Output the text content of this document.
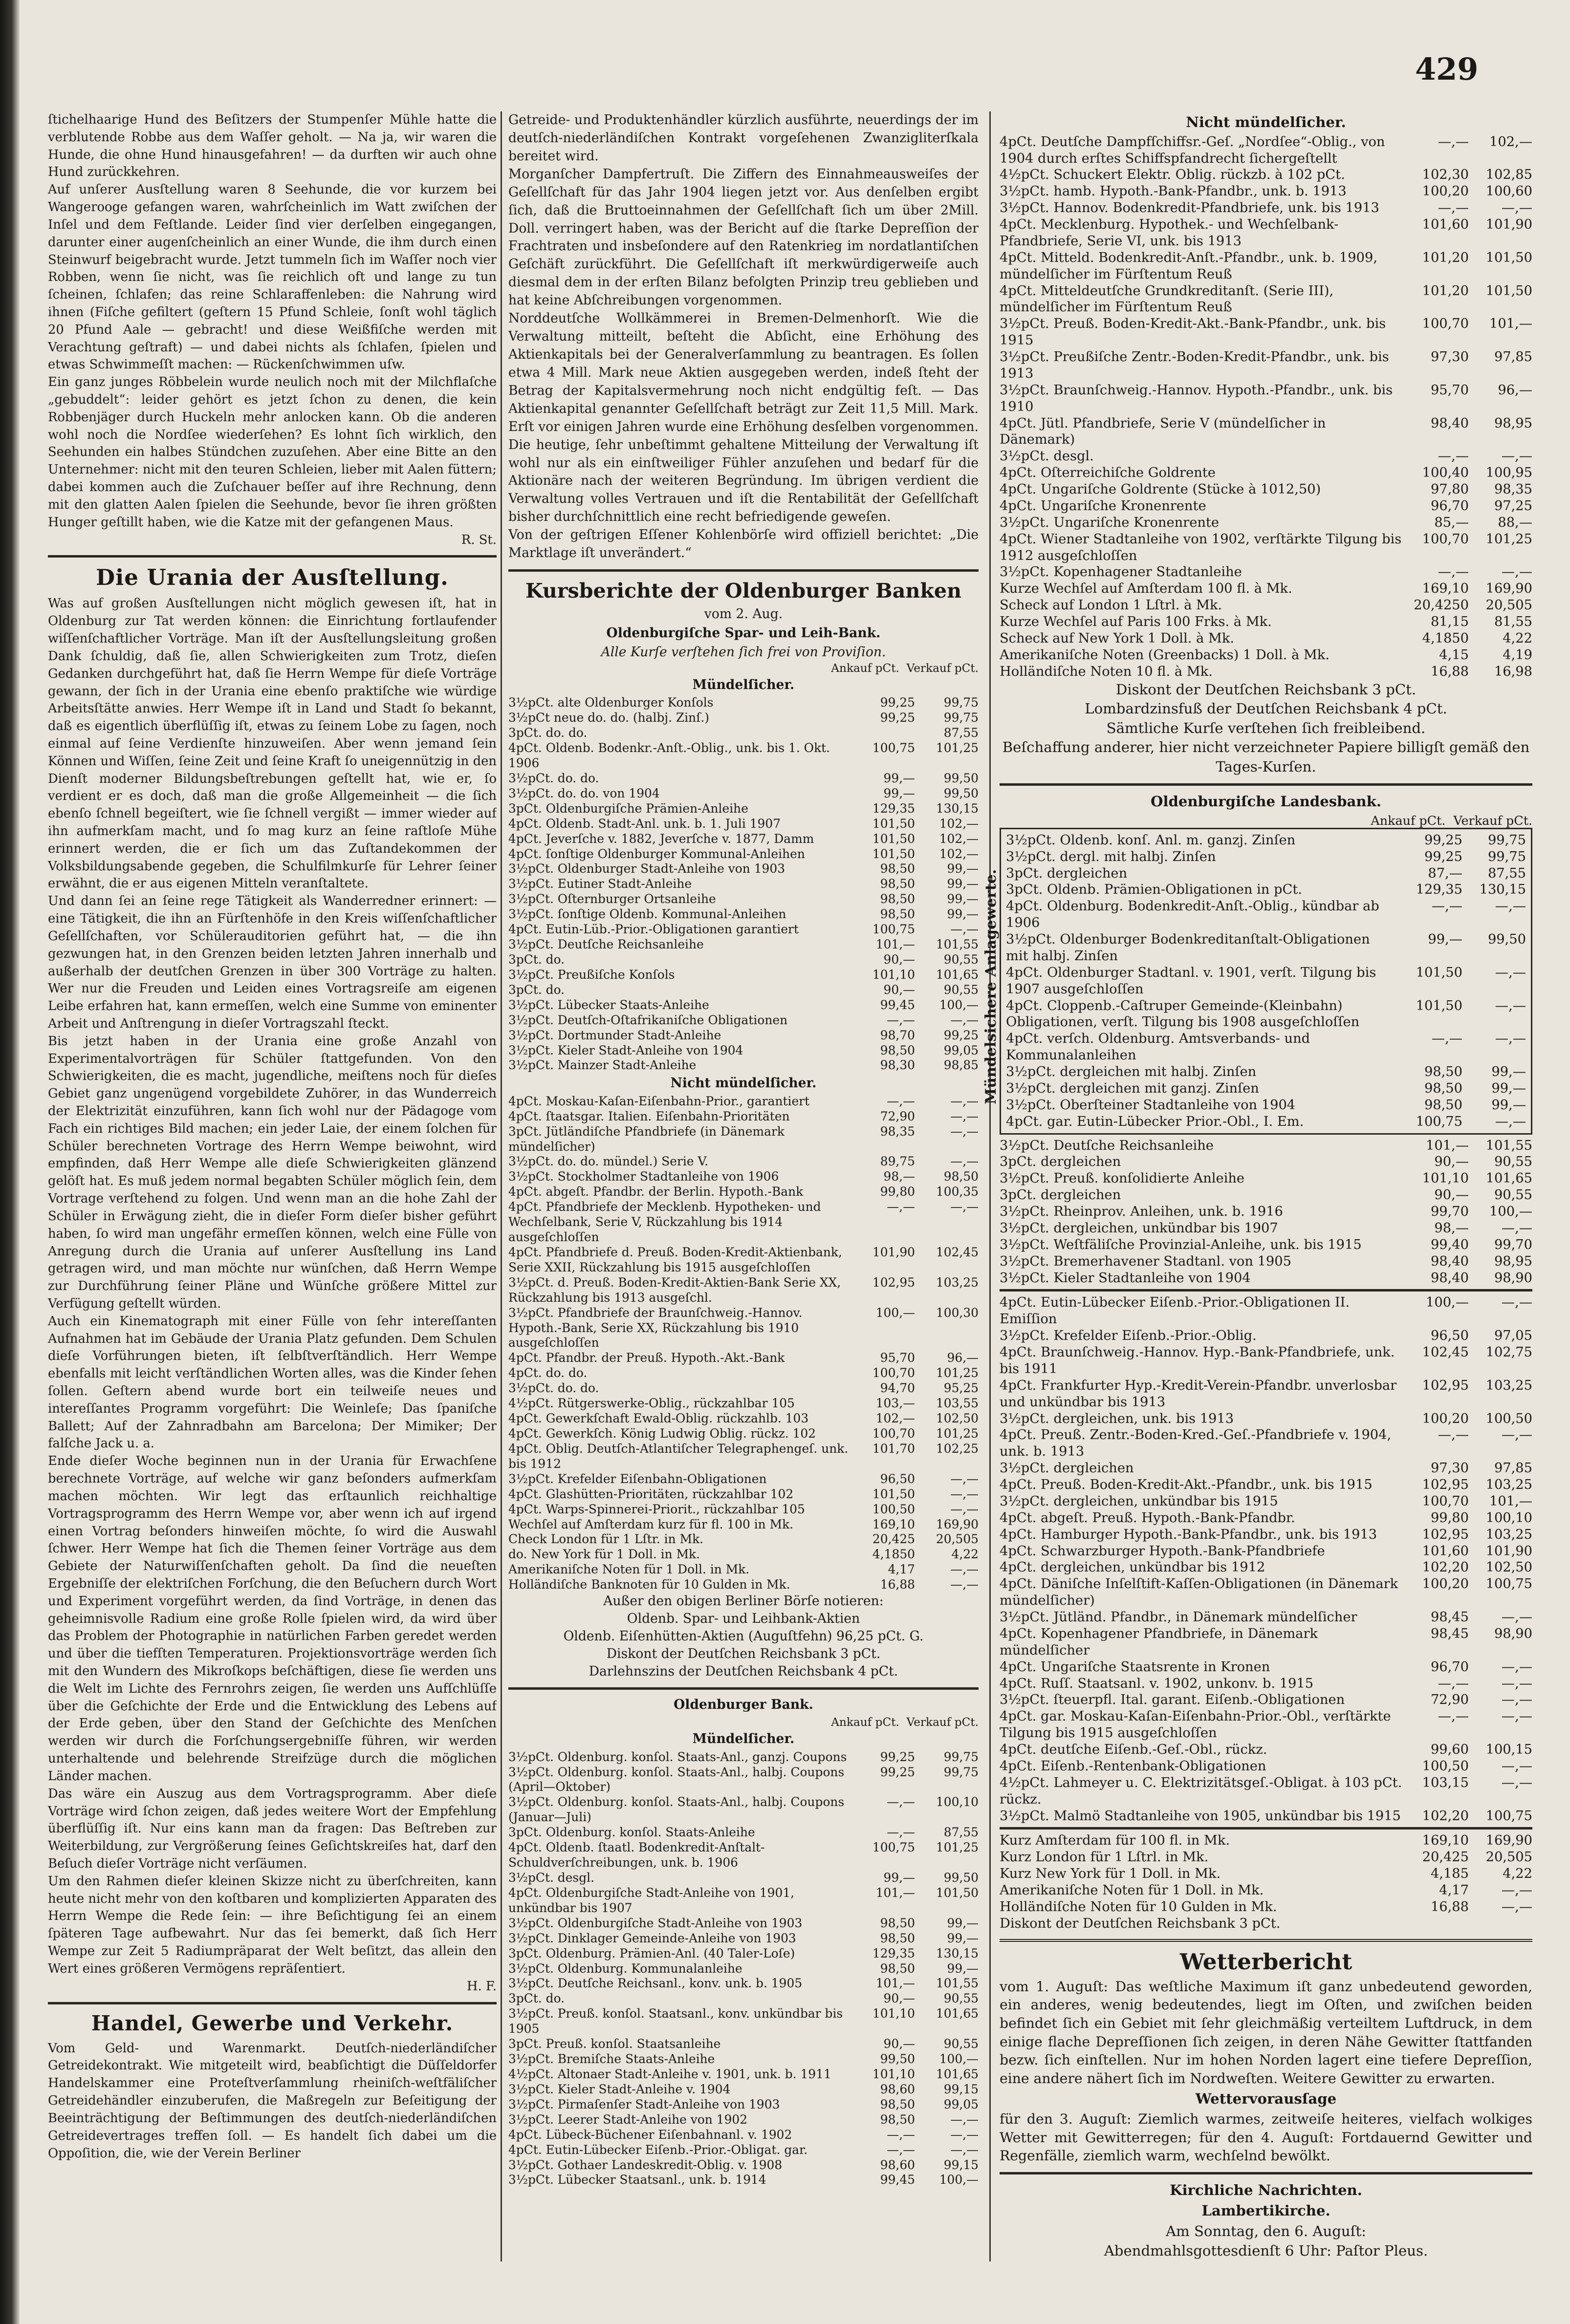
429

ſtichelhaarige Hund des Beſitzers der Stumpenſer Mühle hatte die verblutende Robbe aus dem Waſſer geholt. — Na ja, wir waren die Hunde, die ohne Hund hinausgefahren! — da durften wir auch ohne Hund zurückkehren.

Auf unſerer Ausſtellung waren 8 Seehunde, die vor kurzem bei Wangerooge gefangen waren, wahrſcheinlich im Watt zwiſchen der Inſel und dem Feſtlande. Leider ſind vier derſelben eingegangen, darunter einer augenſcheinlich an einer Wunde, die ihm durch einen Steinwurf beigebracht wurde. Jetzt tummeln ſich im Waſſer noch vier Robben, wenn ſie nicht, was ſie reichlich oft und lange zu tun ſcheinen, ſchlafen; das reine Schlaraffenleben: die Nahrung wird ihnen (Fiſche gefiltert (geſtern 15 Pfund Schleie, ſonſt wohl täglich 20 Pfund Aale — gebracht! und diese Weißfiſche werden mit Verachtung geſtraft) — und dabei nichts als ſchlafen, ſpielen und etwas Schwimmeſſt machen: — Rückenſchwimmen uſw.

Ein ganz junges Röbbelein wurde neulich noch mit der Milchflaſche „gebuddelt“: leider gehört es jetzt ſchon zu denen, die kein Robbenjäger durch Huckeln mehr anlocken kann. Ob die anderen wohl noch die Nordſee wiederſehen? Es lohnt ſich wirklich, den Seehunden ein halbes Stündchen zuzuſehen. Aber eine Bitte an den Unternehmer: nicht mit den teuren Schleien, lieber mit Aalen füttern; dabei kommen auch die Zuſchauer beſſer auf ihre Rechnung, denn mit den glatten Aalen ſpielen die Seehunde, bevor ſie ihren größten Hunger geſtillt haben, wie die Katze mit der gefangenen Maus.

R. St.
Die Urania der Ausſtellung.

Was auf großen Ausſtellungen nicht möglich gewesen iſt, hat in Oldenburg zur Tat werden können: die Einrichtung fortlaufender wiſſenſchaftlicher Vorträge. Man iſt der Ausſtellungsleitung großen Dank ſchuldig, daß ſie, allen Schwierigkeiten zum Trotz, dieſen Gedanken durchgeführt hat, daß ſie Herrn Wempe für dieſe Vorträge gewann, der ſich in der Urania eine ebenſo praktiſche wie würdige Arbeitsſtätte anwies. Herr Wempe iſt in Land und Stadt ſo bekannt, daß es eigentlich überflüſſig iſt, etwas zu ſeinem Lobe zu ſagen, noch einmal auf ſeine Verdienſte hinzuweiſen. Aber wenn jemand ſein Können und Wiſſen, ſeine Zeit und ſeine Kraft ſo uneigennützig in den Dienſt moderner Bildungsbeſtrebungen geſtellt hat, wie er, ſo verdient er es doch, daß man die große Allgemeinheit — die ſich ebenſo ſchnell begeiſtert, wie ſie ſchnell vergißt — immer wieder auf ihn aufmerkſam macht, und ſo mag kurz an ſeine raſtloſe Mühe erinnert werden, die er ſich um das Zuſtandekommen der Volksbildungsabende gegeben, die Schulfilmkurſe für Lehrer ſeiner erwähnt, die er aus eigenen Mitteln veranſtaltete.

Und dann ſei an ſeine rege Tätigkeit als Wanderredner erinnert: — eine Tätigkeit, die ihn an Fürſtenhöfe in den Kreis wiſſenſchaftlicher Geſellſchaften, vor Schülerauditorien geführt hat, — die ihn gezwungen hat, in den Grenzen beiden letzten Jahren innerhalb und außerhalb der deutſchen Grenzen in über 300 Vorträge zu halten. Wer nur die Freuden und Leiden eines Vortragsreiſe am eigenen Leibe erfahren hat, kann ermeſſen, welch eine Summe von eminenter Arbeit und Anſtrengung in dieſer Vortragszahl ſteckt.

Bis jetzt haben in der Urania eine große Anzahl von Experimentalvorträgen für Schüler ſtattgefunden. Von den Schwierigkeiten, die es macht, jugendliche, meiſtens noch für dieſes Gebiet ganz ungenügend vorgebildete Zuhörer, in das Wunderreich der Elektrizität einzuführen, kann ſich wohl nur der Pädagoge vom Fach ein richtiges Bild machen; ein jeder Laie, der einem ſolchen für Schüler berechneten Vortrage des Herrn Wempe beiwohnt, wird empfinden, daß Herr Wempe alle dieſe Schwierigkeiten glänzend gelöſt hat. Es muß jedem normal begabten Schüler möglich ſein, dem Vortrage verſtehend zu folgen. Und wenn man an die hohe Zahl der Schüler in Erwägung zieht, die in dieſer Form dieſer bisher geführt haben, ſo wird man ungefähr ermeſſen können, welch eine Fülle von Anregung durch die Urania auf unſerer Ausſtellung ins Land getragen wird, und man möchte nur wünſchen, daß Herrn Wempe zur Durchführung ſeiner Pläne und Wünſche größere Mittel zur Verfügung geſtellt würden.

Auch ein Kinematograph mit einer Fülle von ſehr intereſſanten Aufnahmen hat im Gebäude der Urania Platz gefunden. Dem Schulen dieſe Vorführungen bieten, iſt ſelbſtverſtändlich. Herr Wempe ebenfalls mit leicht verſtändlichen Worten alles, was die Kinder ſehen ſollen. Geſtern abend wurde bort ein teilweiſe neues und intereſſantes Programm vorgeführt: Die Weinleſe; Das ſpaniſche Ballett; Auf der Zahnradbahn am Barcelona; Der Mimiker; Der falſche Jack u. a.

Ende dieſer Woche beginnen nun in der Urania für Erwachſene berechnete Vorträge, auf welche wir ganz beſonders aufmerkſam machen möchten. Wir legt das erſtaunlich reichhaltige Vortragsprogramm des Herrn Wempe vor, aber wenn ich auf irgend einen Vortrag beſonders hinweiſen möchte, ſo wird die Auswahl ſchwer. Herr Wempe hat ſich die Themen ſeiner Vorträge aus dem Gebiete der Naturwiſſenſchaften geholt. Da ſind die neueſten Ergebniſſe der elektriſchen Forſchung, die den Beſuchern durch Wort und Experiment vorgeführt werden, da ſind Vorträge, in denen das geheimnisvolle Radium eine große Rolle ſpielen wird, da wird über das Problem der Photographie in natürlichen Farben geredet werden und über die tiefſten Temperaturen. Projektionsvorträge werden ſich mit den Wundern des Mikroſkops beſchäftigen, diese ſie werden uns die Welt im Lichte des Fernrohrs zeigen, ſie werden uns Aufſchlüſſe über die Geſchichte der Erde und die Entwicklung des Lebens auf der Erde geben, über den Stand der Geſchichte des Menſchen werden wir durch die Forſchungsergebniſſe führen, wir werden unterhaltende und belehrende Streifzüge durch die möglichen Länder machen.

Das wäre ein Auszug aus dem Vortragsprogramm. Aber dieſe Vorträge wird ſchon zeigen, daß jedes weitere Wort der Empfehlung überflüſſig iſt. Nur eins kann man da fragen: Das Beſtreben zur Weiterbildung, zur Vergrößerung ſeines Geſichtskreiſes hat, darf den Beſuch dieſer Vorträge nicht verſäumen.

Um den Rahmen dieſer kleinen Skizze nicht zu überſchreiten, kann heute nicht mehr von den koſtbaren und komplizierten Apparaten des Herrn Wempe die Rede ſein: — ihre Beſichtigung ſei an einem ſpäteren Tage aufbewahrt. Nur das ſei bemerkt, daß ſich Herr Wempe zur Zeit 5 Radiumpräparat der Welt beſitzt, das allein den Wert eines größeren Vermögens repräſentiert.

H. F.
Handel, Gewerbe und Verkehr.

Vom Geld- und Warenmarkt. Deutſch-niederländiſcher Getreidekontrakt. Wie mitgeteilt wird, beabſichtigt die Düſſeldorfer Handelskammer eine Proteſtverſammlung rheiniſch-weſtfäliſcher Getreidehändler einzuberufen, die Maßregeln zur Beſeitigung der Beeinträchtigung der Beſtimmungen des deutſch-niederländiſchen Getreidevertrages treffen ſoll. — Es handelt ſich dabei um die Oppoſition, die, wie der Verein Berliner

Getreide- und Produktenhändler kürzlich ausführte, neuerdings der im deutſch-niederländiſchen Kontrakt vorgeſehenen Zwanzigliterſkala bereitet wird.

Morganſcher Dampfertruſt. Die Ziffern des Einnahmeausweiſes der Geſellſchaft für das Jahr 1904 liegen jetzt vor. Aus denſelben ergibt ſich, daß die Bruttoeinnahmen der Geſellſchaft ſich um über 2Mill. Doll. verringert haben, was der Bericht auf die ſtarke Depreſſion der Frachtraten und insbeſondere auf den Ratenkrieg im nordatlantiſchen Geſchäft zurückführt. Die Geſellſchaft iſt merkwürdigerweiſe auch diesmal dem in der erſten Bilanz befolgten Prinzip treu geblieben und hat keine Abſchreibungen vorgenommen.

Norddeutſche Wollkämmerei in Bremen-Delmenhorſt. Wie die Verwaltung mitteilt, beſteht die Abſicht, eine Erhöhung des Aktienkapitals bei der Generalverſammlung zu beantragen. Es ſollen etwa 4 Mill. Mark neue Aktien ausgegeben werden, indeß ſteht der Betrag der Kapitalsvermehrung noch nicht endgültig feſt. — Das Aktienkapital genannter Geſellſchaft beträgt zur Zeit 11,5 Mill. Mark. Erſt vor einigen Jahren wurde eine Erhöhung desſelben vorgenommen. Die heutige, ſehr unbeſtimmt gehaltene Mitteilung der Verwaltung iſt wohl nur als ein einſtweiliger Fühler anzuſehen und bedarf für die Aktionäre nach der weiteren Begründung. Im übrigen verdient die Verwaltung volles Vertrauen und iſt die Rentabilität der Geſellſchaft bisher durchſchnittlich eine recht befriedigende geweſen.

Von der geſtrigen Eſſener Kohlenbörſe wird offiziell berichtet: „Die Marktlage iſt unverändert.“

Kursberichte der Oldenburger Banken
vom 2. Aug.
Oldenburgiſche Spar- und Leih-Bank.
Alle Kurſe verſtehen ſich frei von Proviſion.
Ankauf pCt. Verkauf pCt.
Mündelſicher.
3½pCt. alte Oldenburger Konſols	99,25	99,75
3½pCt neue do. do. (halbj. Zinſ.)	99,25	99,75
3pCt. do. do.		87,55
4pCt. Oldenb. Bodenkr.-Anſt.-Oblig., unk. bis 1. Okt. 1906	100,75	101,25
3½pCt. do. do.	99,—	99,50
3½pCt. do. do. von 1904	99,—	99,50
3pCt. Oldenburgiſche Prämien-Anleihe	129,35	130,15
4pCt. Oldenb. Stadt-Anl. unk. b. 1. Juli 1907	101,50	102,—
4pCt. Jeverſche v. 1882, Jeverſche v. 1877, Damm	101,50	102,—
4pCt. ſonſtige Oldenburger Kommunal-Anleihen	101,50	102,—
3½pCt. Oldenburger Stadt-Anleihe von 1903	98,50	99,—
3½pCt. Eutiner Stadt-Anleihe	98,50	99,—
3½pCt. Oſternburger Ortsanleihe	98,50	99,—
3½pCt. ſonſtige Oldenb. Kommunal-Anleihen	98,50	99,—
4pCt. Eutin-Lüb.-Prior.-Obligationen garantiert	100,75	—,—
3½pCt. Deutſche Reichsanleihe	101,—	101,55
3pCt. do.	90,—	90,55
3½pCt. Preußiſche Konſols	101,10	101,65
3pCt. do.	90,—	90,55
3½pCt. Lübecker Staats-Anleihe	99,45	100,—
3½pCt. Deutſch-Oſtafrikaniſche Obligationen	—,—	—,—
3½pCt. Dortmunder Stadt-Anleihe	98,70	99,25
3½pCt. Kieler Stadt-Anleihe von 1904	98,50	99,05
3½pCt. Mainzer Stadt-Anleihe	98,30	98,85
Nicht mündelſicher.
4pCt. Moskau-Kaſan-Eiſenbahn-Prior., garantiert	—,—	—,—
4pCt. ſtaatsgar. Italien. Eiſenbahn-Prioritäten	72,90	—,—
3pCt. Jütländiſche Pfandbriefe (in Dänemark mündelſicher)	98,35	—,—
3½pCt. do. do. mündel.) Serie V.	89,75	—,—
3½pCt. Stockholmer Stadtanleihe von 1906	98,—	98,50
4pCt. abgeſt. Pfandbr. der Berlin. Hypoth.-Bank	99,80	100,35
4pCt. Pfandbriefe der Mecklenb. Hypotheken- und Wechſelbank, Serie V, Rückzahlung bis 1914 ausgeſchloſſen	—,—	—,—
4pCt. Pfandbriefe d. Preuß. Boden-Kredit-Aktienbank, Serie XXII, Rückzahlung bis 1915 ausgeſchloſſen	101,90	102,45
3½pCt. d. Preuß. Boden-Kredit-Aktien-Bank Serie XX, Rückzahlung bis 1913 ausgeſchl.	102,95	103,25
3½pCt. Pfandbriefe der Braunſchweig.-Hannov. Hypoth.-Bank, Serie XX, Rückzahlung bis 1910 ausgeſchloſſen	100,—	100,30
4pCt. Pfandbr. der Preuß. Hypoth.-Akt.-Bank	95,70	96,—
4pCt. do. do.	100,70	101,25
3½pCt. do. do.	94,70	95,25
4½pCt. Rütgerswerke-Oblig., rückzahlbar 105	103,—	103,55
4pCt. Gewerkſchaft Ewald-Oblig. rückzahlb. 103	102,—	102,50
4pCt. Gewerkſch. König Ludwig Oblig. rückz. 102	100,70	101,25
4pCt. Oblig. Deutſch-Atlantiſcher Telegraphengeſ. unk. bis 1912	101,70	102,25
3½pCt. Krefelder Eiſenbahn-Obligationen	96,50	—,—
4pCt. Glashütten-Prioritäten, rückzahlbar 102	101,50	—,—
4pCt. Warps-Spinnerei-Priorit., rückzahlbar 105	100,50	—,—
Wechſel auf Amſterdam kurz für fl. 100 in Mk.	169,10	169,90
Check London für 1 Lſtr. in Mk.	20,425	20,505
do. New York für 1 Doll. in Mk.	4,1850	4,22
Amerikaniſche Noten für 1 Doll. in Mk.	4,17	—,—
Holländiſche Banknoten für 10 Gulden in Mk.	16,88	—,—
Außer den obigen Berliner Börſe notieren:
Oldenb. Spar- und Leihbank-Aktien
Oldenb. Eiſenhütten-Aktien (Auguſtfehn) 96,25 pCt. G.
Diskont der Deutſchen Reichsbank 3 pCt.
Darlehnszins der Deutſchen Reichsbank 4 pCt.
Oldenburger Bank.
Ankauf pCt. Verkauf pCt.
Mündelſicher.
3½pCt. Oldenburg. konſol. Staats-Anl., ganzj. Coupons	99,25	99,75
3½pCt. Oldenburg. konſol. Staats-Anl., halbj. Coupons (April—Oktober)	99,25	99,75
3½pCt. Oldenburg. konſol. Staats-Anl., halbj. Coupons (Januar—Juli)	—,—	100,10
3pCt. Oldenburg. konſol. Staats-Anleihe	—,—	87,55
4pCt. Oldenb. ſtaatl. Bodenkredit-Anſtalt-Schuldverſchreibungen, unk. b. 1906	100,75	101,25
3½pCt. desgl.	99,—	99,50
4pCt. Oldenburgiſche Stadt-Anleihe von 1901, unkündbar bis 1907	101,—	101,50
3½pCt. Oldenburgiſche Stadt-Anleihe von 1903	98,50	99,—
3½pCt. Dinklager Gemeinde-Anleihe von 1903	98,50	99,—
3pCt. Oldenburg. Prämien-Anl. (40 Taler-Loſe)	129,35	130,15
3½pCt. Oldenburg. Kommunalanleihe	98,50	99,—
3½pCt. Deutſche Reichsanl., konv. unk. b. 1905	101,—	101,55
3pCt. do.	90,—	90,55
3½pCt. Preuß. konſol. Staatsanl., konv. unkündbar bis 1905	101,10	101,65
3pCt. Preuß. konſol. Staatsanleihe	90,—	90,55
3½pCt. Bremiſche Staats-Anleihe	99,50	100,—
4½pCt. Altonaer Stadt-Anleihe v. 1901, unk. b. 1911	101,10	101,65
3½pCt. Kieler Stadt-Anleihe v. 1904	98,60	99,15
3½pCt. Pirmaſenſer Stadt-Anleihe von 1903	98,50	99,05
3½pCt. Leerer Stadt-Anleihe von 1902	98,50	—,—
4pCt. Lübeck-Büchener Eiſenbahnanl. v. 1902	—,—	—,—
4pCt. Eutin-Lübecker Eiſenb.-Prior.-Obligat. gar.	—,—	—,—
3½pCt. Gothaer Landeskredit-Oblig. v. 1908	98,60	99,15
3½pCt. Lübecker Staatsanl., unk. b. 1914	99,45	100,—
Nicht mündelſicher.
4pCt. Deutſche Dampfſchiffsr.-Geſ. „Nordſee“-Oblig., von 1904 durch erſtes Schiffspfandrecht ſichergeſtellt	—,—	102,—
4½pCt. Schuckert Elektr. Oblig. rückzb. à 102 pCt.	102,30	102,85
3½pCt. hamb. Hypoth.-Bank-Pfandbr., unk. b. 1913	100,20	100,60
3½pCt. Hannov. Bodenkredit-Pfandbriefe, unk. bis 1913	—,—	—,—
4pCt. Mecklenburg. Hypothek.- und Wechſelbank-Pfandbriefe, Serie VI, unk. bis 1913	101,60	101,90
4pCt. Mitteld. Bodenkredit-Anſt.-Pfandbr., unk. b. 1909, mündelſicher im Fürſtentum Reuß	101,20	101,50
4pCt. Mitteldeutſche Grundkreditanſt. (Serie III), mündelſicher im Fürſtentum Reuß	101,20	101,50
3½pCt. Preuß. Boden-Kredit-Akt.-Bank-Pfandbr., unk. bis 1915	100,70	101,—
3½pCt. Preußiſche Zentr.-Boden-Kredit-Pfandbr., unk. bis 1913	97,30	97,85
3½pCt. Braunſchweig.-Hannov. Hypoth.-Pfandbr., unk. bis 1910	95,70	96,—
4pCt. Jütl. Pfandbriefe, Serie V (mündelſicher in Dänemark)	98,40	98,95
3½pCt. desgl.	—,—	—,—
4pCt. Oſterreichiſche Goldrente	100,40	100,95
4pCt. Ungariſche Goldrente (Stücke à 1012,50)	97,80	98,35
4pCt. Ungariſche Kronenrente	96,70	97,25
3½pCt. Ungariſche Kronenrente	85,—	88,—
4pCt. Wiener Stadtanleihe von 1902, verſtärkte Tilgung bis 1912 ausgeſchloſſen	100,70	101,25
3½pCt. Kopenhagener Stadtanleihe	—,—	—,—
Kurze Wechſel auf Amſterdam 100 fl. à Mk.	169,10	169,90
Scheck auf London 1 Lſtrl. à Mk.	20,4250	20,505
Kurze Wechſel auf Paris 100 Frks. à Mk.	81,15	81,55
Scheck auf New York 1 Doll. à Mk.	4,1850	4,22
Amerikaniſche Noten (Greenbacks) 1 Doll. à Mk.	4,15	4,19
Holländiſche Noten 10 fl. à Mk.	16,88	16,98
Diskont der Deutſchen Reichsbank 3 pCt.
Lombardzinsfuß der Deutſchen Reichsbank 4 pCt.
Sämtliche Kurſe verſtehen ſich freibleibend.
Beſchaffung anderer, hier nicht verzeichneter Papiere billigſt gemäß den Tages-Kurſen.
Oldenburgiſche Landesbank.
Ankauf pCt. Verkauf pCt.
3½pCt. Oldenb. konſ. Anl. m. ganzj. Zinſen	99,25	99,75
3½pCt. dergl. mit halbj. Zinſen	99,25	99,75
3pCt. dergleichen	87,—	87,55
3pCt. Oldenb. Prämien-Obligationen in pCt.	129,35	130,15
4pCt. Oldenburg. Bodenkredit-Anſt.-Oblig., kündbar ab 1906	—,—	—,—
3½pCt. Oldenburger Bodenkreditanſtalt-Obligationen mit halbj. Zinſen	99,—	99,50
4pCt. Oldenburger Stadtanl. v. 1901, verſt. Tilgung bis 1907 ausgeſchloſſen	101,50	—,—
4pCt. Cloppenb.-Caſtruper Gemeinde-(Kleinbahn) Obligationen, verſt. Tilgung bis 1908 ausgeſchloſſen	101,50	—,—
4pCt. verſch. Oldenburg. Amtsverbands- und Kommunalanleihen	—,—	—,—
3½pCt. dergleichen mit halbj. Zinſen	98,50	99,—
3½pCt. dergleichen mit ganzj. Zinſen	98,50	99,—
3½pCt. Oberſteiner Stadtanleihe von 1904	98,50	99,—
4pCt. gar. Eutin-Lübecker Prior.-Obl., I. Em.	100,75	—,—
3½pCt. Deutſche Reichsanleihe	101,—	101,55
3pCt. dergleichen	90,—	90,55
3½pCt. Preuß. konſolidierte Anleihe	101,10	101,65
3pCt. dergleichen	90,—	90,55
3½pCt. Rheinprov. Anleihen, unk. b. 1916	99,70	100,—
3½pCt. dergleichen, unkündbar bis 1907	98,—	—,—
3½pCt. Weſtfäliſche Provinzial-Anleihe, unk. bis 1915	99,40	99,70
3½pCt. Bremerhavener Stadtanl. von 1905	98,40	98,95
3½pCt. Kieler Stadtanleihe von 1904	98,40	98,90
4pCt. Eutin-Lübecker Eiſenb.-Prior.-Obligationen II. Emiſſion	100,—	—,—
3½pCt. Krefelder Eiſenb.-Prior.-Oblig.	96,50	97,05
4pCt. Braunſchweig.-Hannov. Hyp.-Bank-Pfandbriefe, unk. bis 1911	102,45	102,75
4pCt. Frankfurter Hyp.-Kredit-Verein-Pfandbr. unverlosbar und unkündbar bis 1913	102,95	103,25
3½pCt. dergleichen, unk. bis 1913	100,20	100,50
4pCt. Preuß. Zentr.-Boden-Kred.-Geſ.-Pfandbriefe v. 1904, unk. b. 1913	—,—	—,—
3½pCt. dergleichen	97,30	97,85
4pCt. Preuß. Boden-Kredit-Akt.-Pfandbr., unk. bis 1915	102,95	103,25
3½pCt. dergleichen, unkündbar bis 1915	100,70	101,—
4pCt. abgeſt. Preuß. Hypoth.-Bank-Pfandbr.	99,80	100,10
4pCt. Hamburger Hypoth.-Bank-Pfandbr., unk. bis 1913	102,95	103,25
4pCt. Schwarzburger Hypoth.-Bank-Pfandbriefe	101,60	101,90
4pCt. dergleichen, unkündbar bis 1912	102,20	102,50
4pCt. Däniſche Inſelſtift-Kaſſen-Obligationen (in Dänemark mündelſicher)	100,20	100,75
3½pCt. Jütländ. Pfandbr., in Dänemark mündelſicher	98,45	—,—
4pCt. Kopenhagener Pfandbriefe, in Dänemark mündelſicher	98,45	98,90
4pCt. Ungariſche Staatsrente in Kronen	96,70	—,—
4pCt. Ruſſ. Staatsanl. v. 1902, unkonv. b. 1915	—,—	—,—
3½pCt. ſteuerpfl. Ital. garant. Eiſenb.-Obligationen	72,90	—,—
4pCt. gar. Moskau-Kaſan-Eiſenbahn-Prior.-Obl., verſtärkte Tilgung bis 1915 ausgeſchloſſen	—,—	—,—
4pCt. deutſche Eiſenb.-Geſ.-Obl., rückz.	99,60	100,15
4pCt. Eiſenb.-Rentenbank-Obligationen	100,50	—,—
4½pCt. Lahmeyer u. C. Elektrizitätsgeſ.-Obligat. à 103 pCt. rückz.	103,15	—,—
3½pCt. Malmö Stadtanleihe von 1905, unkündbar bis 1915	102,20	100,75
Kurz Amſterdam für 100 fl. in Mk.	169,10	169,90
Kurz London für 1 Lſtrl. in Mk.	20,425	20,505
Kurz New York für 1 Doll. in Mk.	4,185	4,22
Amerikaniſche Noten für 1 Doll. in Mk.	4,17	—,—
Holländiſche Noten für 10 Gulden in Mk.	16,88	—,—
Diskont der Deutſchen Reichsbank 3 pCt.		
Wetterbericht

vom 1. Auguſt: Das weſtliche Maximum iſt ganz unbedeutend geworden, ein anderes, wenig bedeutendes, liegt im Oſten, und zwiſchen beiden befindet ſich ein Gebiet mit ſehr gleichmäßig verteiltem Luftdruck, in dem einige flache Depreſſionen ſich zeigen, in deren Nähe Gewitter ſtattfanden bezw. ſich einſtellen. Nur im hohen Norden lagert eine tiefere Depreſſion, eine andere nähert ſich im Nordweſten. Weitere Gewitter zu erwarten.

Wettervorausſage

für den 3. Auguſt: Ziemlich warmes, zeitweiſe heiteres, vielfach wolkiges Wetter mit Gewitterregen; für den 4. Auguſt: Fortdauernd Gewitter und Regenfälle, ziemlich warm, wechſelnd bewölkt.

Kirchliche Nachrichten.
Lambertikirche.
Am Sonntag, den 6. Auguſt:
Abendmahlsgottesdienſt 6 Uhr: Paſtor Pleus.
Mündelsichere Anlagewerte.
